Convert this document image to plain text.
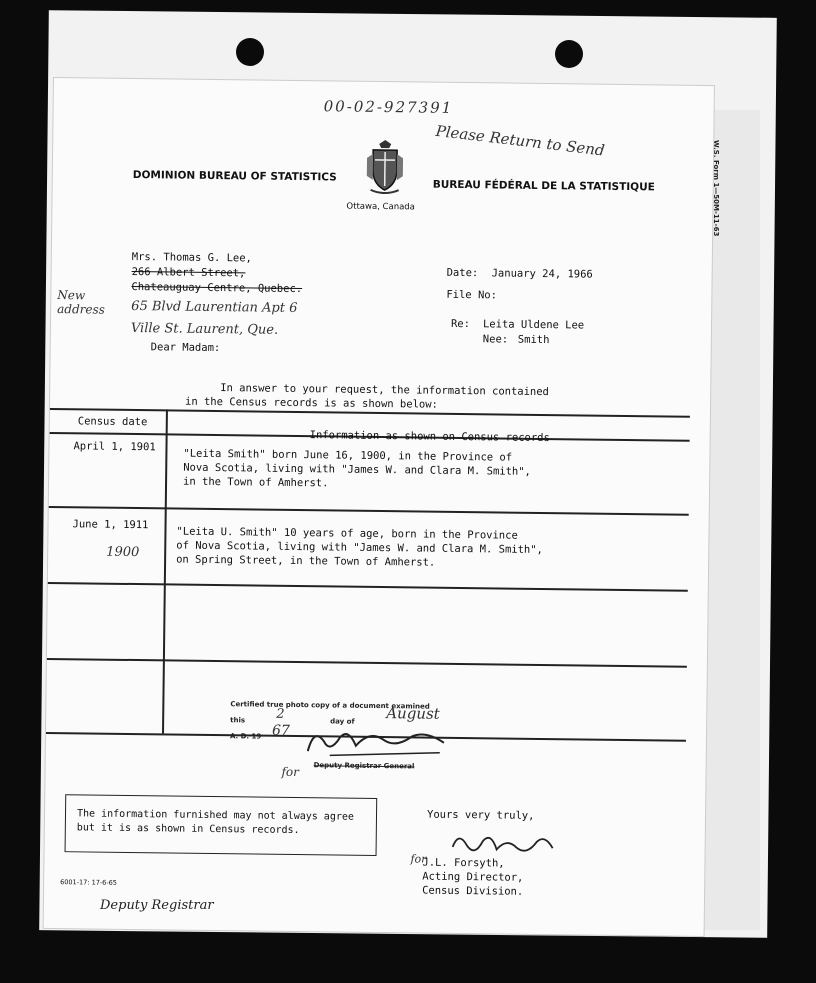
W.S. Form 1—50M-11-63
00-02-927391
Please Return to Send
DOMINION BUREAU OF STATISTICS
BUREAU FÉDÉRAL DE LA STATISTIQUE
Ottawa, Canada
Mrs. Thomas G. Lee,
266 Albert Street,
Chateauguay Centre, Quebec.
New address	65 Blvd Laurentian Apt 6
Ville St. Laurent, Que.
Date: January 24, 1966
File No:
Re: Leita Uldene Lee
Nee: Smith
Dear Madam:
In answer to your request, the information contained
in the Census records is as shown below:
Census date
Information as shown on Census records
April 1, 1901
"Leita Smith" born June 16, 1900, in the Province of
Nova Scotia, living with "James W. and Clara M. Smith",
in the Town of Amherst.
June 1, 1911
1900
"Leita U. Smith" 10 years of age, born in the Province
of Nova Scotia, living with "James W. and Clara M. Smith",
on Spring Street, in the Town of Amherst.
Certified true photo copy of a document examined
this 2	day of August
A. D. 19 67
Deputy Registrar General
for
The information furnished may not always agree
but it is as shown in Census records.
Yours very truly,
for
J.L. Forsyth,
Acting Director,
Census Division.
6001-17: 17-6-65
Deputy Registrar
